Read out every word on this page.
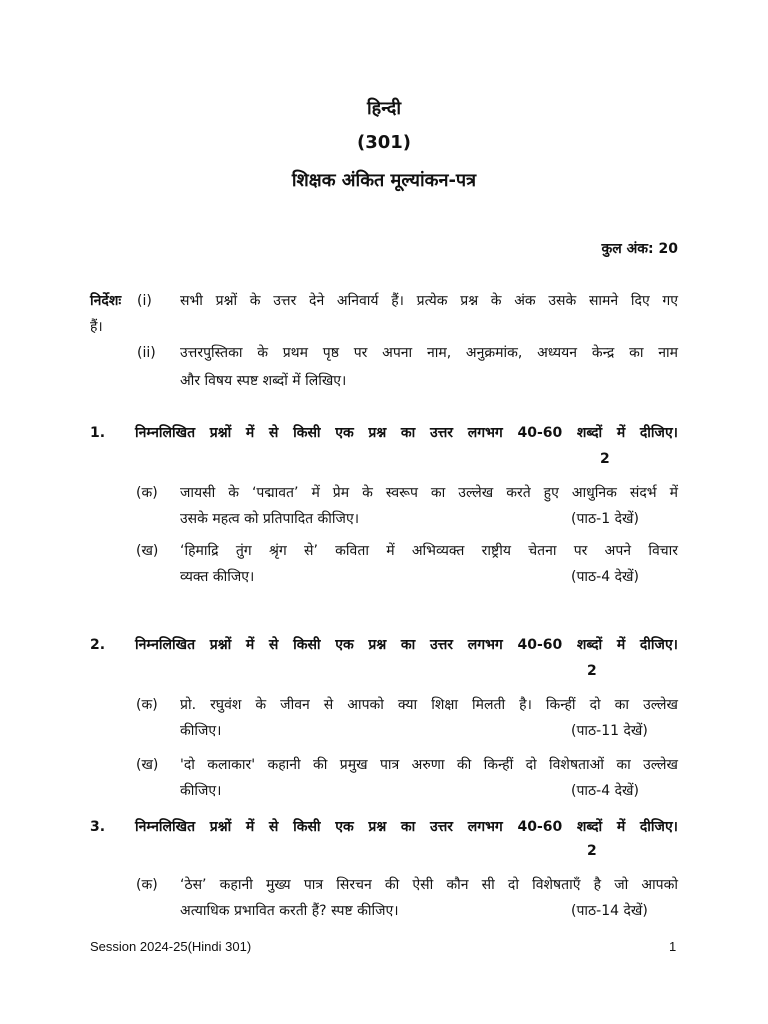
हिन्दी
(301)
शिक्षक अंकित मूल्यांकन-पत्र
कुल अंक: 20
निर्देशः (i) सभी प्रश्नों के उत्तर देने अनिवार्य हैं। प्रत्येक प्रश्न के अंक उसके सामने दिए गए
हैं।
(ii) उत्तरपुस्तिका के प्रथम पृष्ठ पर अपना नाम, अनुक्रमांक, अध्ययन केन्द्र का नाम
और विषय स्पष्ट शब्दों में लिखिए।
1. निम्नलिखित प्रश्नों में से किसी एक प्रश्न का उत्तर लगभग 40-60 शब्दों में दीजिए।
2
(क) जायसी के ‘पद्मावत’ में प्रेम के स्वरूप का उल्लेख करते हुए आधुनिक संदर्भ में
उसके महत्व को प्रतिपादित कीजिए।	(पाठ-1 देखें)
(ख) ‘हिमाद्रि तुंग श्रृंग से’ कविता में अभिव्यक्त राष्ट्रीय चेतना पर अपने विचार
व्यक्त कीजिए।	(पाठ-4 देखें)
2. निम्नलिखित प्रश्नों में से किसी एक प्रश्न का उत्तर लगभग 40-60 शब्दों में दीजिए।
2
(क) प्रो. रघुवंश के जीवन से आपको क्या शिक्षा मिलती है। किन्हीं दो का उल्लेख
कीजिए।	(पाठ-11 देखें)
(ख) 'दो कलाकार' कहानी की प्रमुख पात्र अरुणा की किन्हीं दो विशेषताओं का उल्लेख
कीजिए।	(पाठ-4 देखें)
3. निम्नलिखित प्रश्नों में से किसी एक प्रश्न का उत्तर लगभग 40-60 शब्दों में दीजिए।
2
(क) ‘ठेस’ कहानी मुख्य पात्र सिरचन की ऐसी कौन सी दो विशेषताएँ है जो आपको
अत्याधिक प्रभावित करती हैं? स्पष्ट कीजिए।	(पाठ-14 देखें)
Session 2024-25(Hindi 301)	1
